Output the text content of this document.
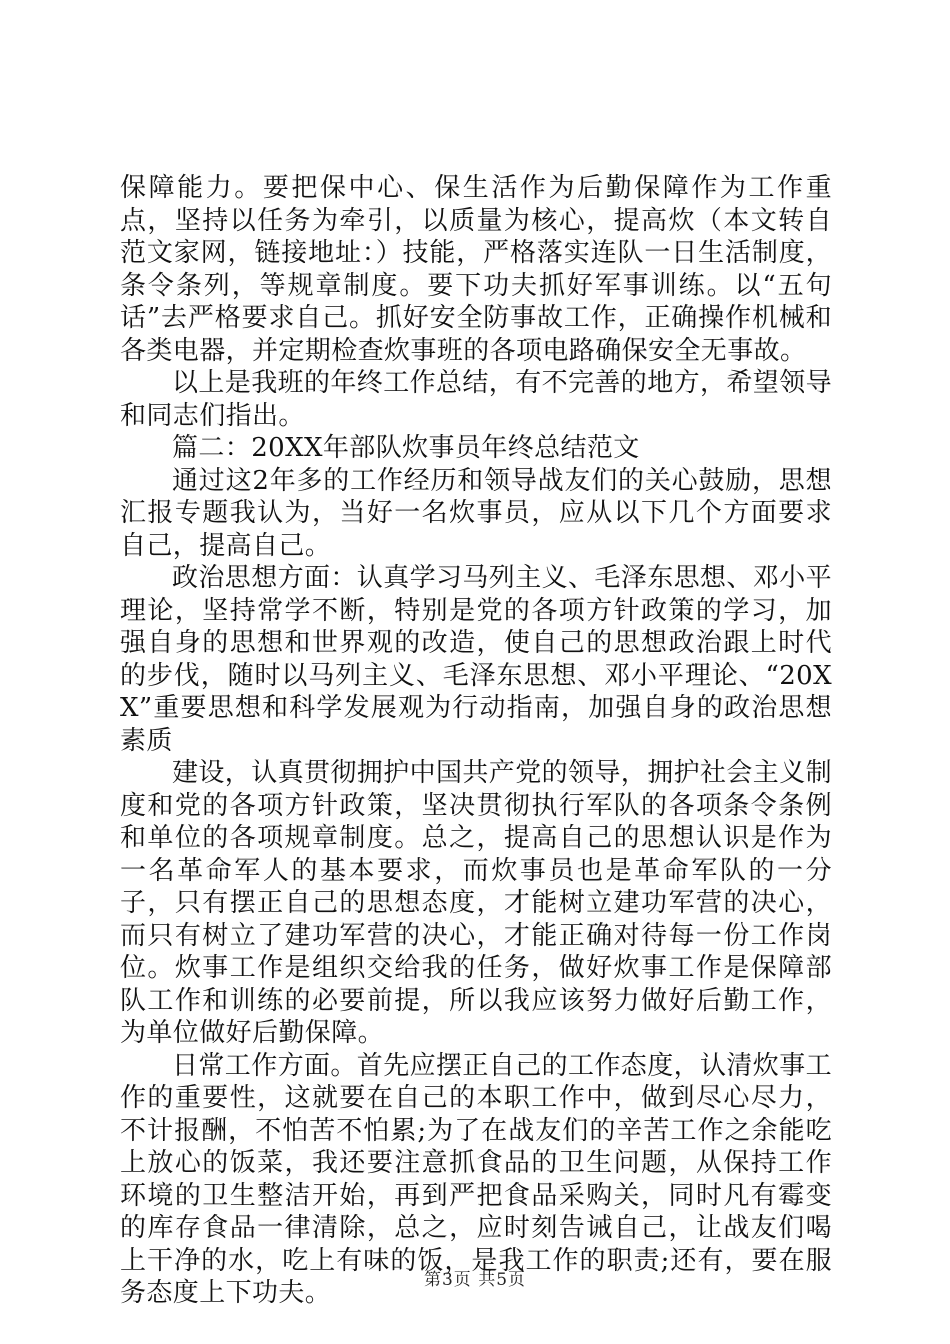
保障能力。要把保中心、保生活作为后勤保障作为工作重点，坚持以任务为牵引，以质量为核心，提高炊（本文转自范文家网，链接地址：）技能，严格落实连队一日生活制度，条令条列，等规章制度。要下功夫抓好军事训练。以“五句话”去严格要求自己。抓好安全防事故工作，正确操作机械和各类电器，并定期检查炊事班的各项电路确保安全无事故。

以上是我班的年终工作总结，有不完善的地方，希望领导和同志们指出。

篇二：20XX年部队炊事员年终总结范文

通过这2年多的工作经历和领导战友们的关心鼓励，思想汇报专题我认为，当好一名炊事员，应从以下几个方面要求自己，提高自己。

政治思想方面：认真学习马列主义、毛泽东思想、邓小平理论，坚持常学不断，特别是党的各项方针政策的学习，加强自身的思想和世界观的改造，使自己的思想政治跟上时代的步伐，随时以马列主义、毛泽东思想、邓小平理论、“20XX”重要思想和科学发展观为行动指南，加强自身的政治思想素质

建设，认真贯彻拥护中国共产党的领导，拥护社会主义制度和党的各项方针政策，坚决贯彻执行军队的各项条令条例和单位的各项规章制度。总之，提高自己的思想认识是作为一名革命军人的基本要求，而炊事员也是革命军队的一分子，只有摆正自己的思想态度，才能树立建功军营的决心，而只有树立了建功军营的决心，才能正确对待每一份工作岗位。炊事工作是组织交给我的任务，做好炊事工作是保障部队工作和训练的必要前提，所以我应该努力做好后勤工作，为单位做好后勤保障。

日常工作方面。首先应摆正自己的工作态度，认清炊事工作的重要性，这就要在自己的本职工作中，做到尽心尽力，不计报酬，不怕苦不怕累;为了在战友们的辛苦工作之余能吃上放心的饭菜，我还要注意抓食品的卫生问题，从保持工作环境的卫生整洁开始，再到严把食品采购关，同时凡有霉变的库存食品一律清除，总之，应时刻告诫自己，让战友们喝上干净的水，吃上有味的饭，是我工作的职责;还有，要在服务态度上下功夫。	第3页 共5页
